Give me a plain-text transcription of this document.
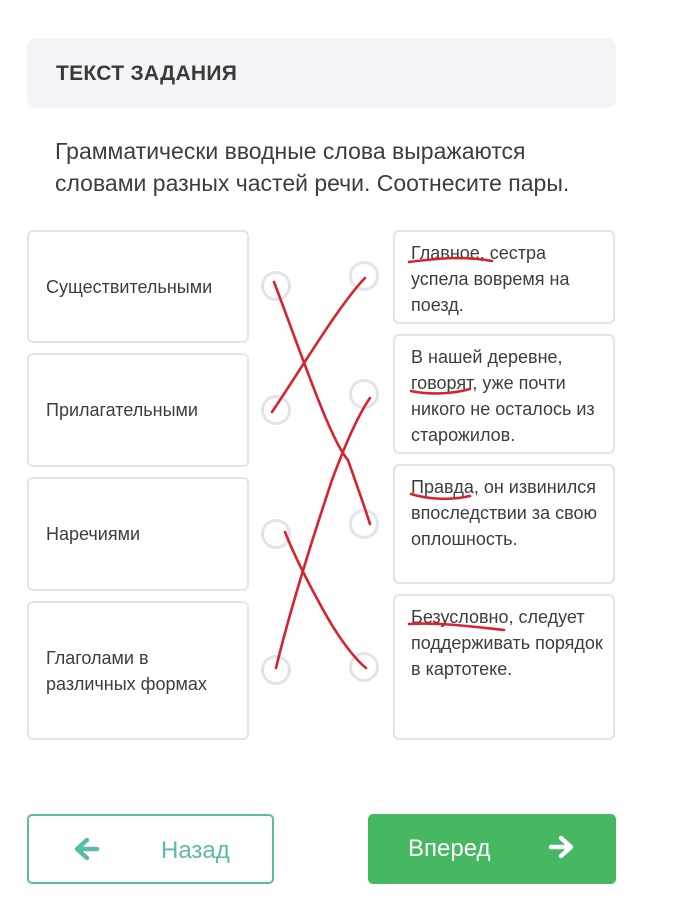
ТЕКСТ ЗАДАНИЯ
Грамматически вводные слова выражаются словами разных частей речи. Соотнесите пары.
Существительными
Прилагательными
Наречиями
Глаголами в различных формах
Главное, сестра успела вовремя на поезд.
В нашей деревне, говорят, уже почти никого не осталось из старожилов.
Правда, он извинился впоследствии за свою оплошность.
Безусловно, следует поддерживать порядок в картотеке.
Назад	Вперед
